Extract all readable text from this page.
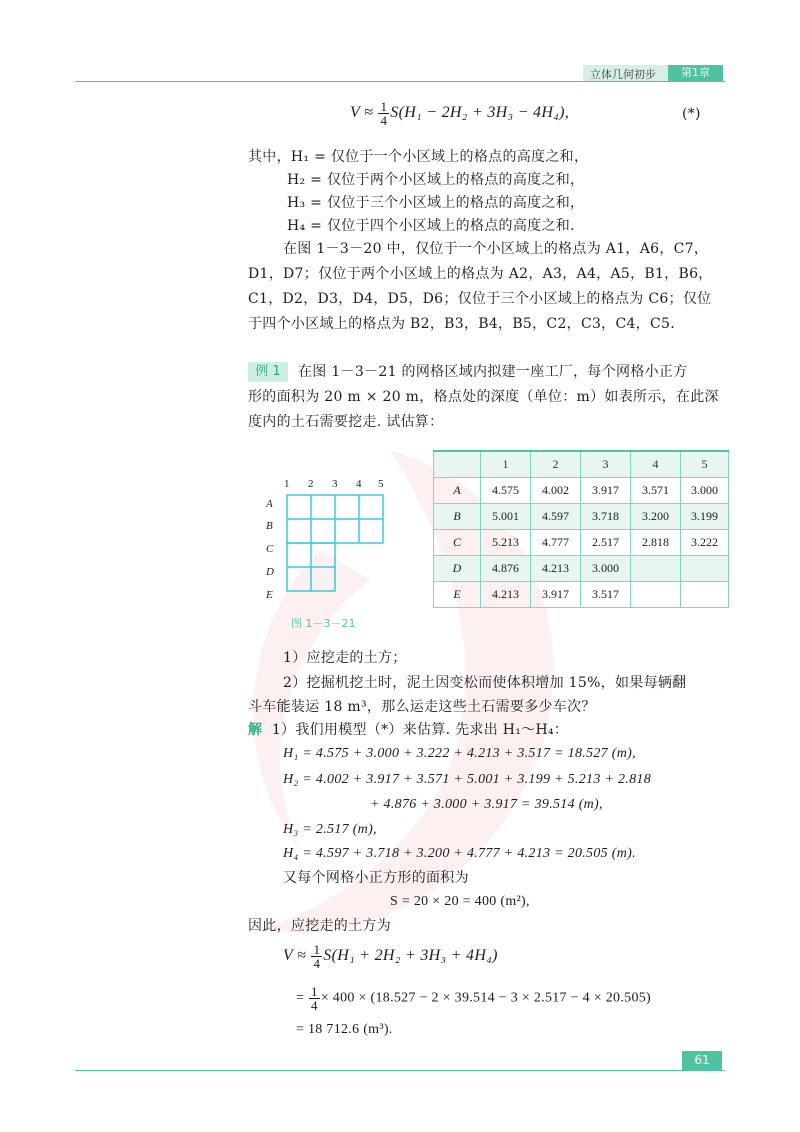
立体几何初步	第1章
$V \approx \frac{1}{4} S(H_1 - 2H_2 + 3H_3 - 4H_4)$,	(*)
其中，H₁ = 仅位于一个小区域上的格点的高度之和，
H₂ = 仅位于两个小区域上的格点的高度之和，
H₃ = 仅位于三个小区域上的格点的高度之和，
H₄ = 仅位于四个小区域上的格点的高度之和.
在图 1－3－20 中，仅位于一个小区域上的格点为 A1，A6，C7，
D1，D7；仅位于两个小区域上的格点为 A2，A3，A4，A5，B1，B6，
C1，D2，D3，D4，D5，D6；仅位于三个小区域上的格点为 C6；仅位
于四个小区域上的格点为 B2，B3，B4，B5，C2，C3，C4，C5.
例 1	在图 1－3－21 的网格区域内拟建一座工厂，每个网格小正方
形的面积为 20 m × 20 m，格点处的深度（单位：m）如表所示，在此深
度内的土石需要挖走. 试估算：
1 2 3 4 5
A
B
C
D
E
图 1－3－21
	1	2	3	4	5
A	4.575	4.002	3.917	3.571	3.000
B	5.001	4.597	3.718	3.200	3.199
C	5.213	4.777	2.517	2.818	3.222
D	4.876	4.213	3.000		
E	4.213	3.917	3.517		
1）应挖走的土方；
2）挖掘机挖土时，泥土因变松而使体积增加 15%，如果每辆翻
斗车能装运 18 m³，那么运走这些土石需要多少车次？
解 1）我们用模型（*）来估算. 先求出 H₁～H₄：
H₁ = 4.575 + 3.000 + 3.222 + 4.213 + 3.517 = 18.527 (m),
H₂ = 4.002 + 3.917 + 3.571 + 5.001 + 3.199 + 5.213 + 2.818
+ 4.876 + 3.000 + 3.917 = 39.514 (m),
H₃ = 2.517 (m),
H₄ = 4.597 + 3.718 + 3.200 + 4.777 + 4.213 = 20.505 (m).
又每个网格小正方形的面积为
S = 20 × 20 = 400 (m²),
因此，应挖走的土方为
$V \approx \frac{1}{4} S(H_1 + 2H_2 + 3H_3 + 4H_4)$
= $\frac{1}{4} \times 400 \times (18.527 - 2 \times 39.514 - 3 \times 2.517 - 4 \times 20.505)$
= 18 712.6 (m³).
61
